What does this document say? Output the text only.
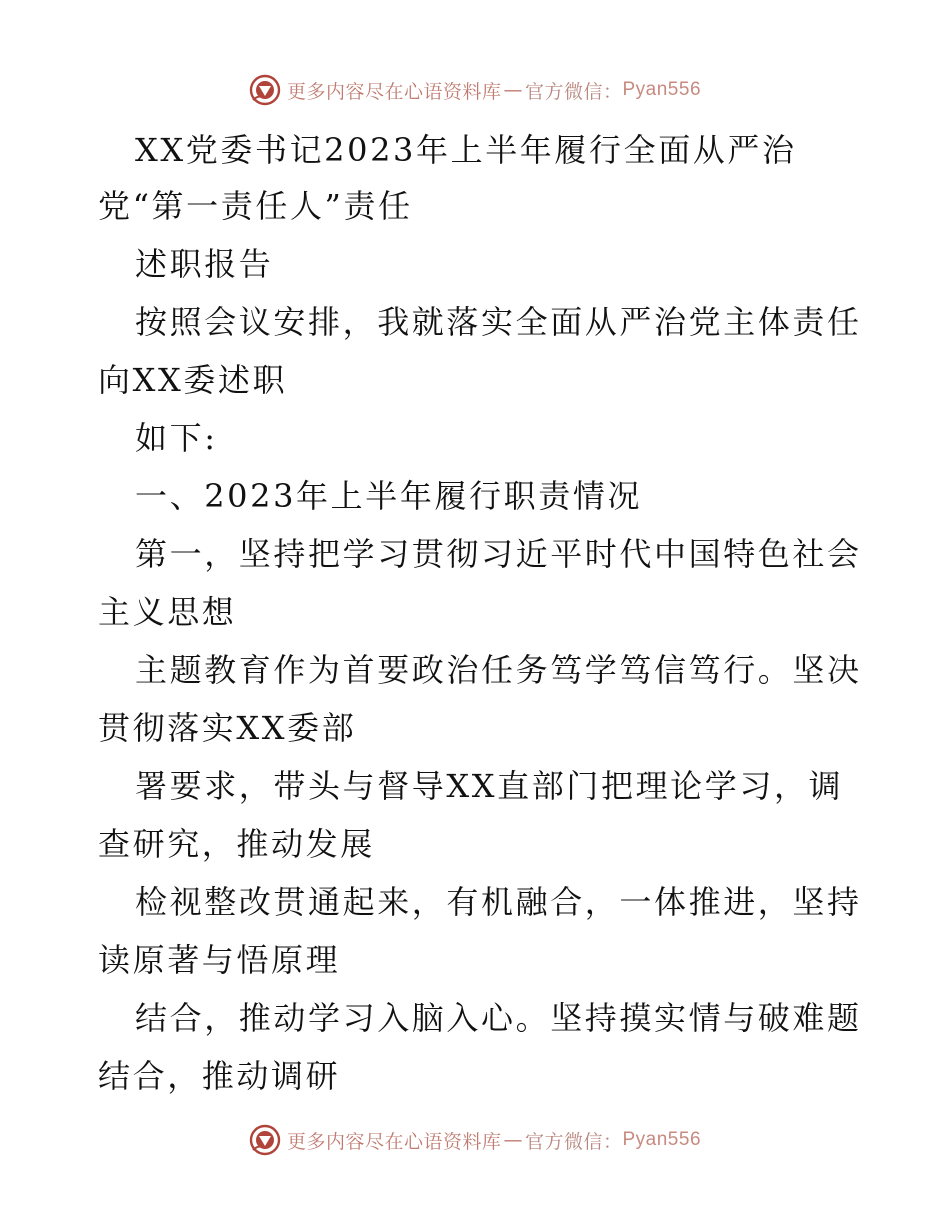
更多内容尽在心语资料库 — 官方微信： Pyan556
XX党委书记2023年上半年履行全面从严治
党“第一责任人”责任
述职报告
按照会议安排，我就落实全面从严治党主体责任
向XX委述职
如下:
一、2023年上半年履行职责情况
第一，坚持把学习贯彻习近平时代中国特色社会
主义思想
主题教育作为首要政治任务笃学笃信笃行。坚决
贯彻落实XX委部
署要求，带头与督导XX直部门把理论学习，调
查研究，推动发展
检视整改贯通起来，有机融合，一体推进，坚持
读原著与悟原理
结合，推动学习入脑入心。坚持摸实情与破难题
结合，推动调研
更多内容尽在心语资料库 — 官方微信： Pyan556
